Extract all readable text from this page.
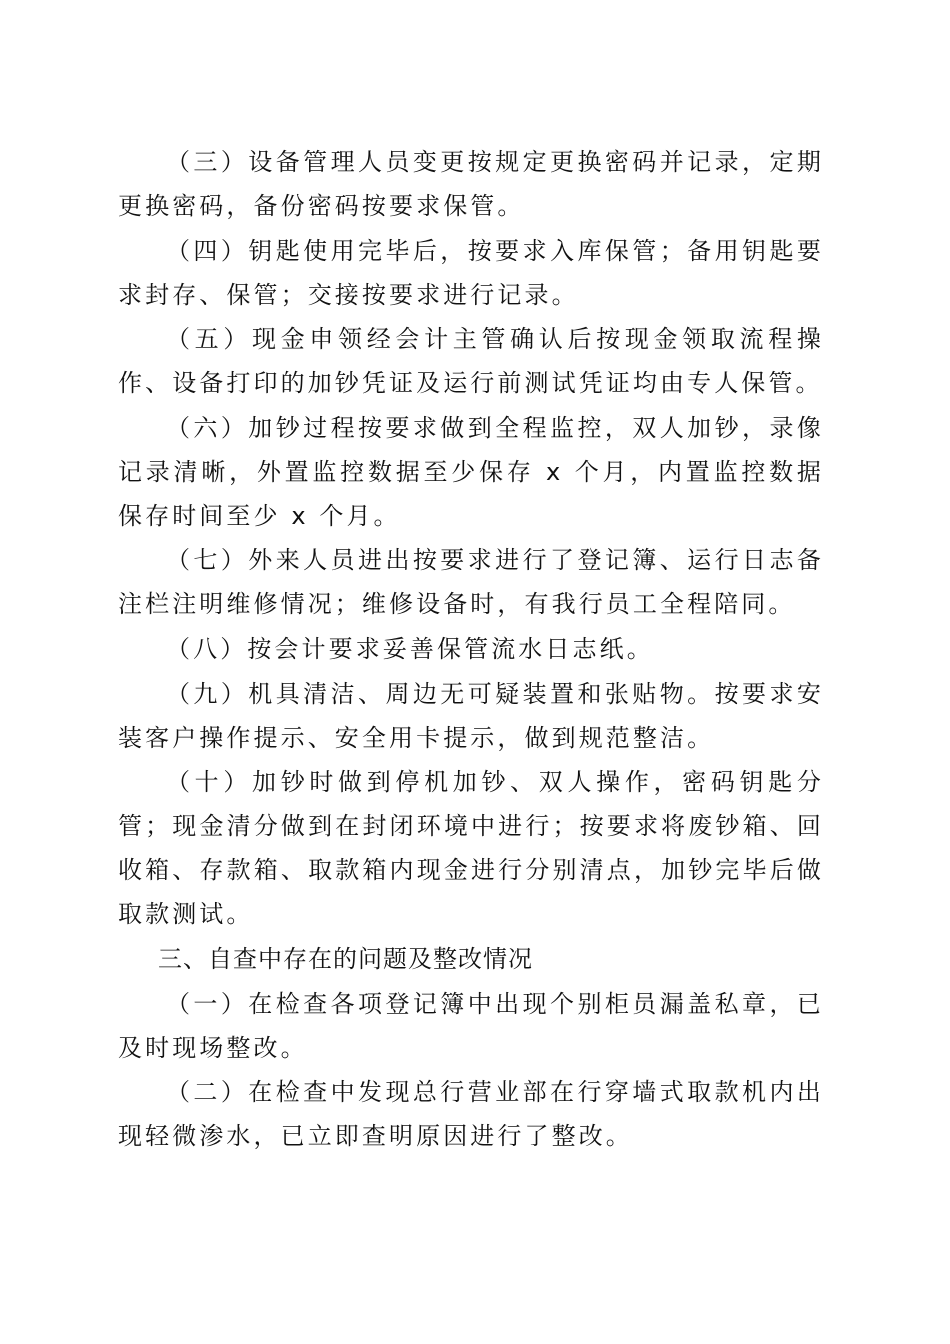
（三）设备管理人员变更按规定更换密码并记录，定期更换密码，备份密码按要求保管。

（四）钥匙使用完毕后，按要求入库保管；备用钥匙要求封存、保管；交接按要求进行记录。

（五）现金申领经会计主管确认后按现金领取流程操作、设备打印的加钞凭证及运行前测试凭证均由专人保管。

（六）加钞过程按要求做到全程监控，双人加钞，录像记录清晰，外置监控数据至少保存 x 个月，内置监控数据保存时间至少 x 个月。

（七）外来人员进出按要求进行了登记簿、运行日志备注栏注明维修情况；维修设备时，有我行员工全程陪同。

（八）按会计要求妥善保管流水日志纸。

（九）机具清洁、周边无可疑装置和张贴物。按要求安装客户操作提示、安全用卡提示，做到规范整洁。

（十）加钞时做到停机加钞、双人操作，密码钥匙分管；现金清分做到在封闭环境中进行；按要求将废钞箱、回收箱、存款箱、取款箱内现金进行分别清点，加钞完毕后做取款测试。

三、自查中存在的问题及整改情况

（一）在检查各项登记簿中出现个别柜员漏盖私章，已及时现场整改。

（二）在检查中发现总行营业部在行穿墙式取款机内出现轻微渗水，已立即查明原因进行了整改。
